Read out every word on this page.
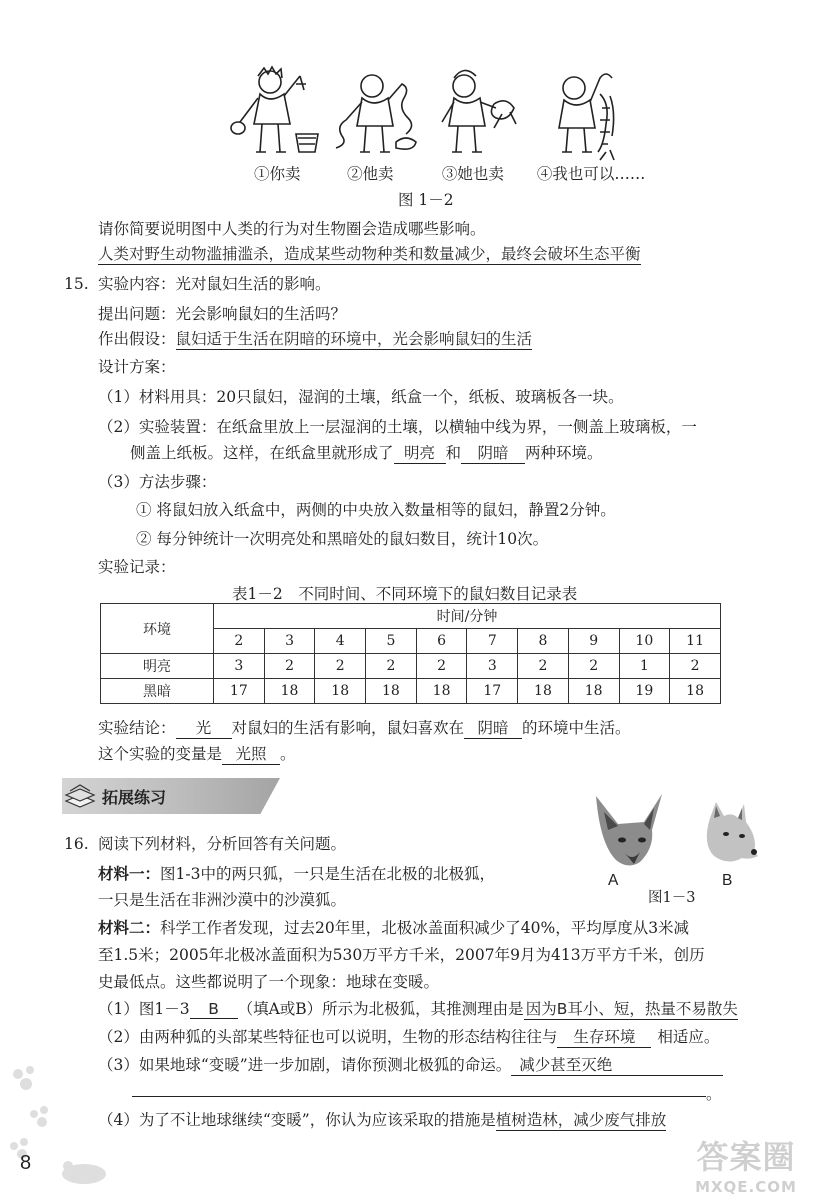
①你卖	②他卖	③她也卖 ④我也可以……
图 1－2
请你简要说明图中人类的行为对生物圈会造成哪些影响。
人类对野生动物滥捕滥杀，造成某些动物种类和数量减少，最终会破坏生态平衡
15. 实验内容：光对鼠妇生活的影响。
提出问题：光会影响鼠妇的生活吗？
作出假设：鼠妇适于生活在阴暗的环境中，光会影响鼠妇的生活
设计方案：
（1）材料用具：20只鼠妇，湿润的土壤，纸盒一个，纸板、玻璃板各一块。
（2）实验装置：在纸盒里放上一层湿润的土壤，以横轴中线为界，一侧盖上玻璃板，一
侧盖上纸板。这样，在纸盒里就形成了 明亮 和 阴暗 两种环境。
（3）方法步骤：
① 将鼠妇放入纸盒中，两侧的中央放入数量相等的鼠妇，静置2分钟。
② 每分钟统计一次明亮处和黑暗处的鼠妇数目，统计10次。
实验记录：
表1－2　不同时间、不同环境下的鼠妇数目记录表
环境	时间/分钟									
	2	3	4	5	6	7	8	9	10	11
明亮	3	2	2	2	2	3	2	2	1	2
黑暗	17	18	18	18	18	17	18	18	19	18
实验结论： 光 对鼠妇的生活有影响，鼠妇喜欢在 阴暗 的环境中生活。
这个实验的变量是 光照 。
拓展练习
16. 阅读下列材料，分析回答有关问题。
材料一：图1-3中的两只狐，一只是生活在北极的北极狐，
一只是生活在非洲沙漠中的沙漠狐。
A	B
图1－3
材料二：科学工作者发现，过去20年里，北极冰盖面积减少了40%，平均厚度从3米减
至1.5米；2005年北极冰盖面积为530万平方千米，2007年9月为413万平方千米，创历
史最低点。这些都说明了一个现象：地球在变暖。
（1）图1－3 B （填A或B）所示为北极狐，其推测理由是 因为B耳小、短，热量不易散失
（2）由两种狐的头部某些特征也可以说明，生物的形态结构往往与 生存环境 相适应。
（3）如果地球“变暖”进一步加剧，请你预测北极狐的命运。 减少甚至灭绝
。
（4）为了不让地球继续“变暖”，你认为应该采取的措施是植树造林，减少废气排放
8	答案圈
MXQE.COM
